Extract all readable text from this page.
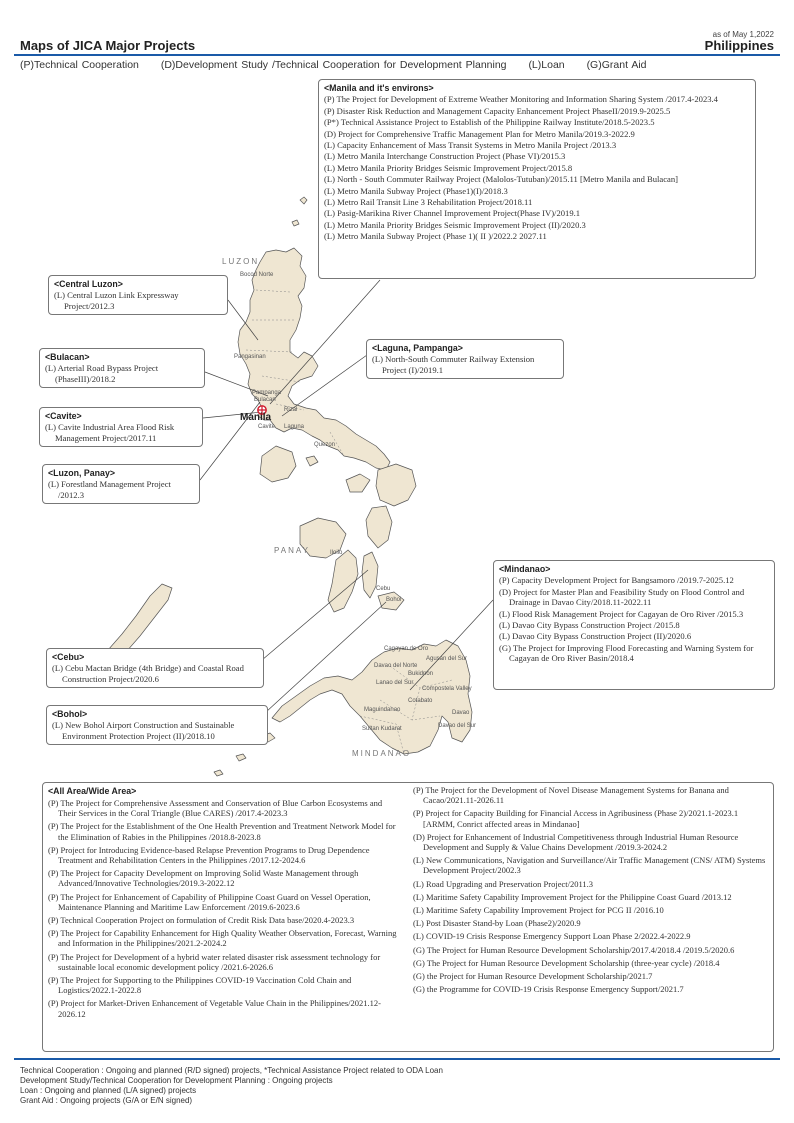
as of May 1,2022
Maps of JICA Major Projects	Philippines
(P)Technical Cooperation (D)Development Study /Technical Cooperation for Development Planning (L)Loan (G)Grant Aid
LUZON
PANAY
MINDANAO
Manila
Bocod Norte
Pangasinan
Pampanga
Bulacan
Rizal
Cavite Laguna
Quezon
Iloilo
Cebu
Bohol
Cagayan de Oro
Agusan del Sur
Bukidnon
Davao del Norte
Lanao del Sur
Compostela Valley
Cotabato
Maguindanao
Sultan Kudarat	Davao del Sur
Davao
<Manila and it's environs>
(P) The Project for Development of Extreme Weather Monitoring and Information Sharing System /2017.4-2023.4
(P) Disaster Risk Reduction and Management Capacity Enhancement Project PhaseII/2019.9-2025.5
(P*) Technical Assistance Project to Establish of the Philippine Railway Institute/2018.5-2023.5
(D) Project for Comprehensive Traffic Management Plan for Metro Manila/2019.3-2022.9
(L) Capacity Enhancement of Mass Transit Systems in Metro Manila Project /2013.3
(L) Metro Manila Interchange Construction Project (Phase VI)/2015.3
(L) Metro Manila Priority Bridges Seismic Improvement Project/2015.8
(L) North - South Commuter Railway Project (Malolos-Tutuban)/2015.11 [Metro Manila and Bulacan]
(L) Metro Manila Subway Project (Phase1)(I)/2018.3
(L) Metro Rail Transit Line 3 Rehabilitation Project/2018.11
(L) Pasig-Marikina River Channel Improvement Project(Phase IV)/2019.1
(L) Metro Manila Priority Bridges Seismic Improvement Project (II)/2020.3
(L) Metro Manila Subway Project (Phase 1)( II )/2022.2 2027.11
<Central Luzon>
(L) Central Luzon Link Expressway Project/2012.3
<Laguna, Pampanga>
(L) North-South Commuter Railway Extension Project (I)/2019.1
<Bulacan>
(L) Arterial Road Bypass Project (PhaseIII)/2018.2
<Cavite>
(L) Cavite Industrial Area Flood Risk Management Project/2017.11
<Luzon, Panay>
(L) Forestland Management Project /2012.3
<Mindanao>
(P) Capacity Development Project for Bangsamoro /2019.7-2025.12
(D) Project for Master Plan and Feasibility Study on Flood Control and Drainage in Davao City/2018.11-2022.11
(L) Flood Risk Management Project for Cagayan de Oro River /2015.3
(L) Davao City Bypass Construction Project /2015.8
(L) Davao City Bypass Construction Project (II)/2020.6
(G) The Project for Improving Flood Forecasting and Warning System for Cagayan de Oro River Basin/2018.4
<Cebu>
(L) Cebu Mactan Bridge (4th Bridge) and Coastal Road Construction Project/2020.6
<Bohol>
(L) New Bohol Airport Construction and Sustainable Environment Protection Project (II)/2018.10
<All Area/Wide Area>
(P) The Project for Comprehensive Assessment and Conservation of Blue Carbon Ecosystems and Their Services in the Coral Triangle (Blue CARES) /2017.4-2023.3
(P) The Project for the Establishment of the One Health Prevention and Treatment Network Model for the Elimination of Rabies in the Philippines /2018.8-2023.8
(P) Project for Introducing Evidence-based Relapse Prevention Programs to Drug Dependence Treatment and Rehabilitation Centers in the Philippines /2017.12-2024.6
(P) The Project for Capacity Development on Improving Solid Waste Management through Advanced/Innovative Technologies/2019.3-2022.12
(P) The Project for Enhancement of Capability of Philippine Coast Guard on Vessel Operation, Maintenance Planning and Maritime Law Enforcement /2019.6-2023.6
(P) Technical Cooperation Project on formulation of Credit Risk Data base/2020.4-2023.3
(P) The Project for Capability Enhancement for High Quality Weather Observation, Forecast, Warning and Information in the Philippines/2021.2-2024.2
(P) The Project for Development of a hybrid water related disaster risk assessment technology for sustainable local economic development policy /2021.6-2026.6
(P) The Project for Supporting to the Philippines COVID-19 Vaccination Cold Chain and Logistics/2022.1-2022.8
(P) Project for Market-Driven Enhancement of Vegetable Value Chain in the Philippines/2021.12-2026.12
(P) The Project for the Development of Novel Disease Management Systems for Banana and Cacao/2021.11-2026.11
(P) Project for Capacity Building for Financial Access in Agribusiness (Phase 2)/2021.1-2023.1 [ARMM, Conrict affected areas in Mindanao]
(D) Project for Enhancement of Industrial Competitiveness through Industrial Human Resource Development and Supply & Value Chains Development /2019.3-2024.2
(L) New Communications, Navigation and Surveillance/Air Traffic Management (CNS/ ATM) Systems Development Project/2002.3
(L) Road Upgrading and Preservation Project/2011.3
(L) Maritime Safety Capability Improvement Project for the Philippine Coast Guard /2013.12
(L) Maritime Safety Capability Improvement Project for PCG II /2016.10
(L) Post Disaster Stand-by Loan (Phase2)/2020.9
(L) COVID-19 Crisis Response Emergency Support Loan Phase 2/2022.4-2022.9
(G) The Project for Human Resource Development Scholarship/2017.4/2018.4 /2019.5/2020.6
(G) The Project for Human Resource Development Scholarship (three-year cycle) /2018.4
(G) the Project for Human Resource Development Scholarship/2021.7
(G) the Programme for COVID-19 Crisis Response Emergency Support/2021.7
Technical Cooperation : Ongoing and planned (R/D signed) projects, *Technical Assistance Project related to ODA Loan
Development Study/Technical Cooperation for Development Planning : Ongoing projects
Loan : Ongoing and planned (L/A signed) projects
Grant Aid : Ongoing projects (G/A or E/N signed)
